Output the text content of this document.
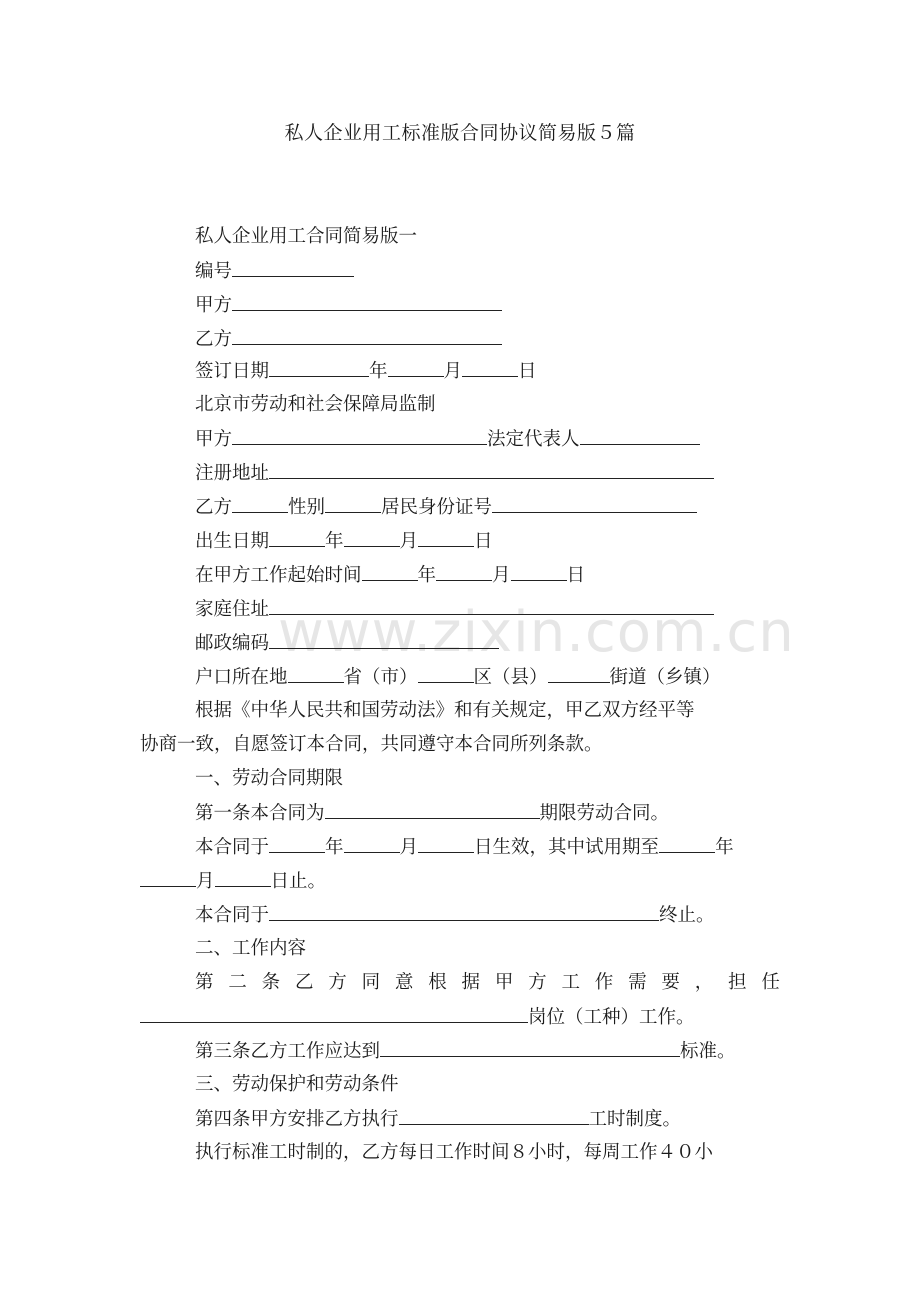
私人企业用工标准版合同协议简易版５篇
www.zixin.com.cn
私人企业用工合同简易版一
编号
甲方
乙方
签订日期	年	月	日
北京市劳动和社会保障局监制
甲方	法定代表人
注册地址
乙方	性别	居民身份证号
出生日期	年	月	日
在甲方工作起始时间	年	月	日
家庭住址
邮政编码
户口所在地	省（市）	区（县）	街道（乡镇）
根据《中华人民共和国劳动法》和有关规定，甲乙双方经平等
协商一致，自愿签订本合同，共同遵守本合同所列条款。
一、劳动合同期限
第一条本合同为	期限劳动合同。
本合同于	年	月	日生效，其中试用期至	年
月	日止。
本合同于	终止。
二、工作内容
第 二 条 乙 方 同 意 根 据 甲 方 工 作 需 要 ， 担 任
岗位（工种）工作。
第三条乙方工作应达到	标准。
三、劳动保护和劳动条件
第四条甲方安排乙方执行	工时制度。
执行标准工时制的，乙方每日工作时间８小时，每周工作４０小
